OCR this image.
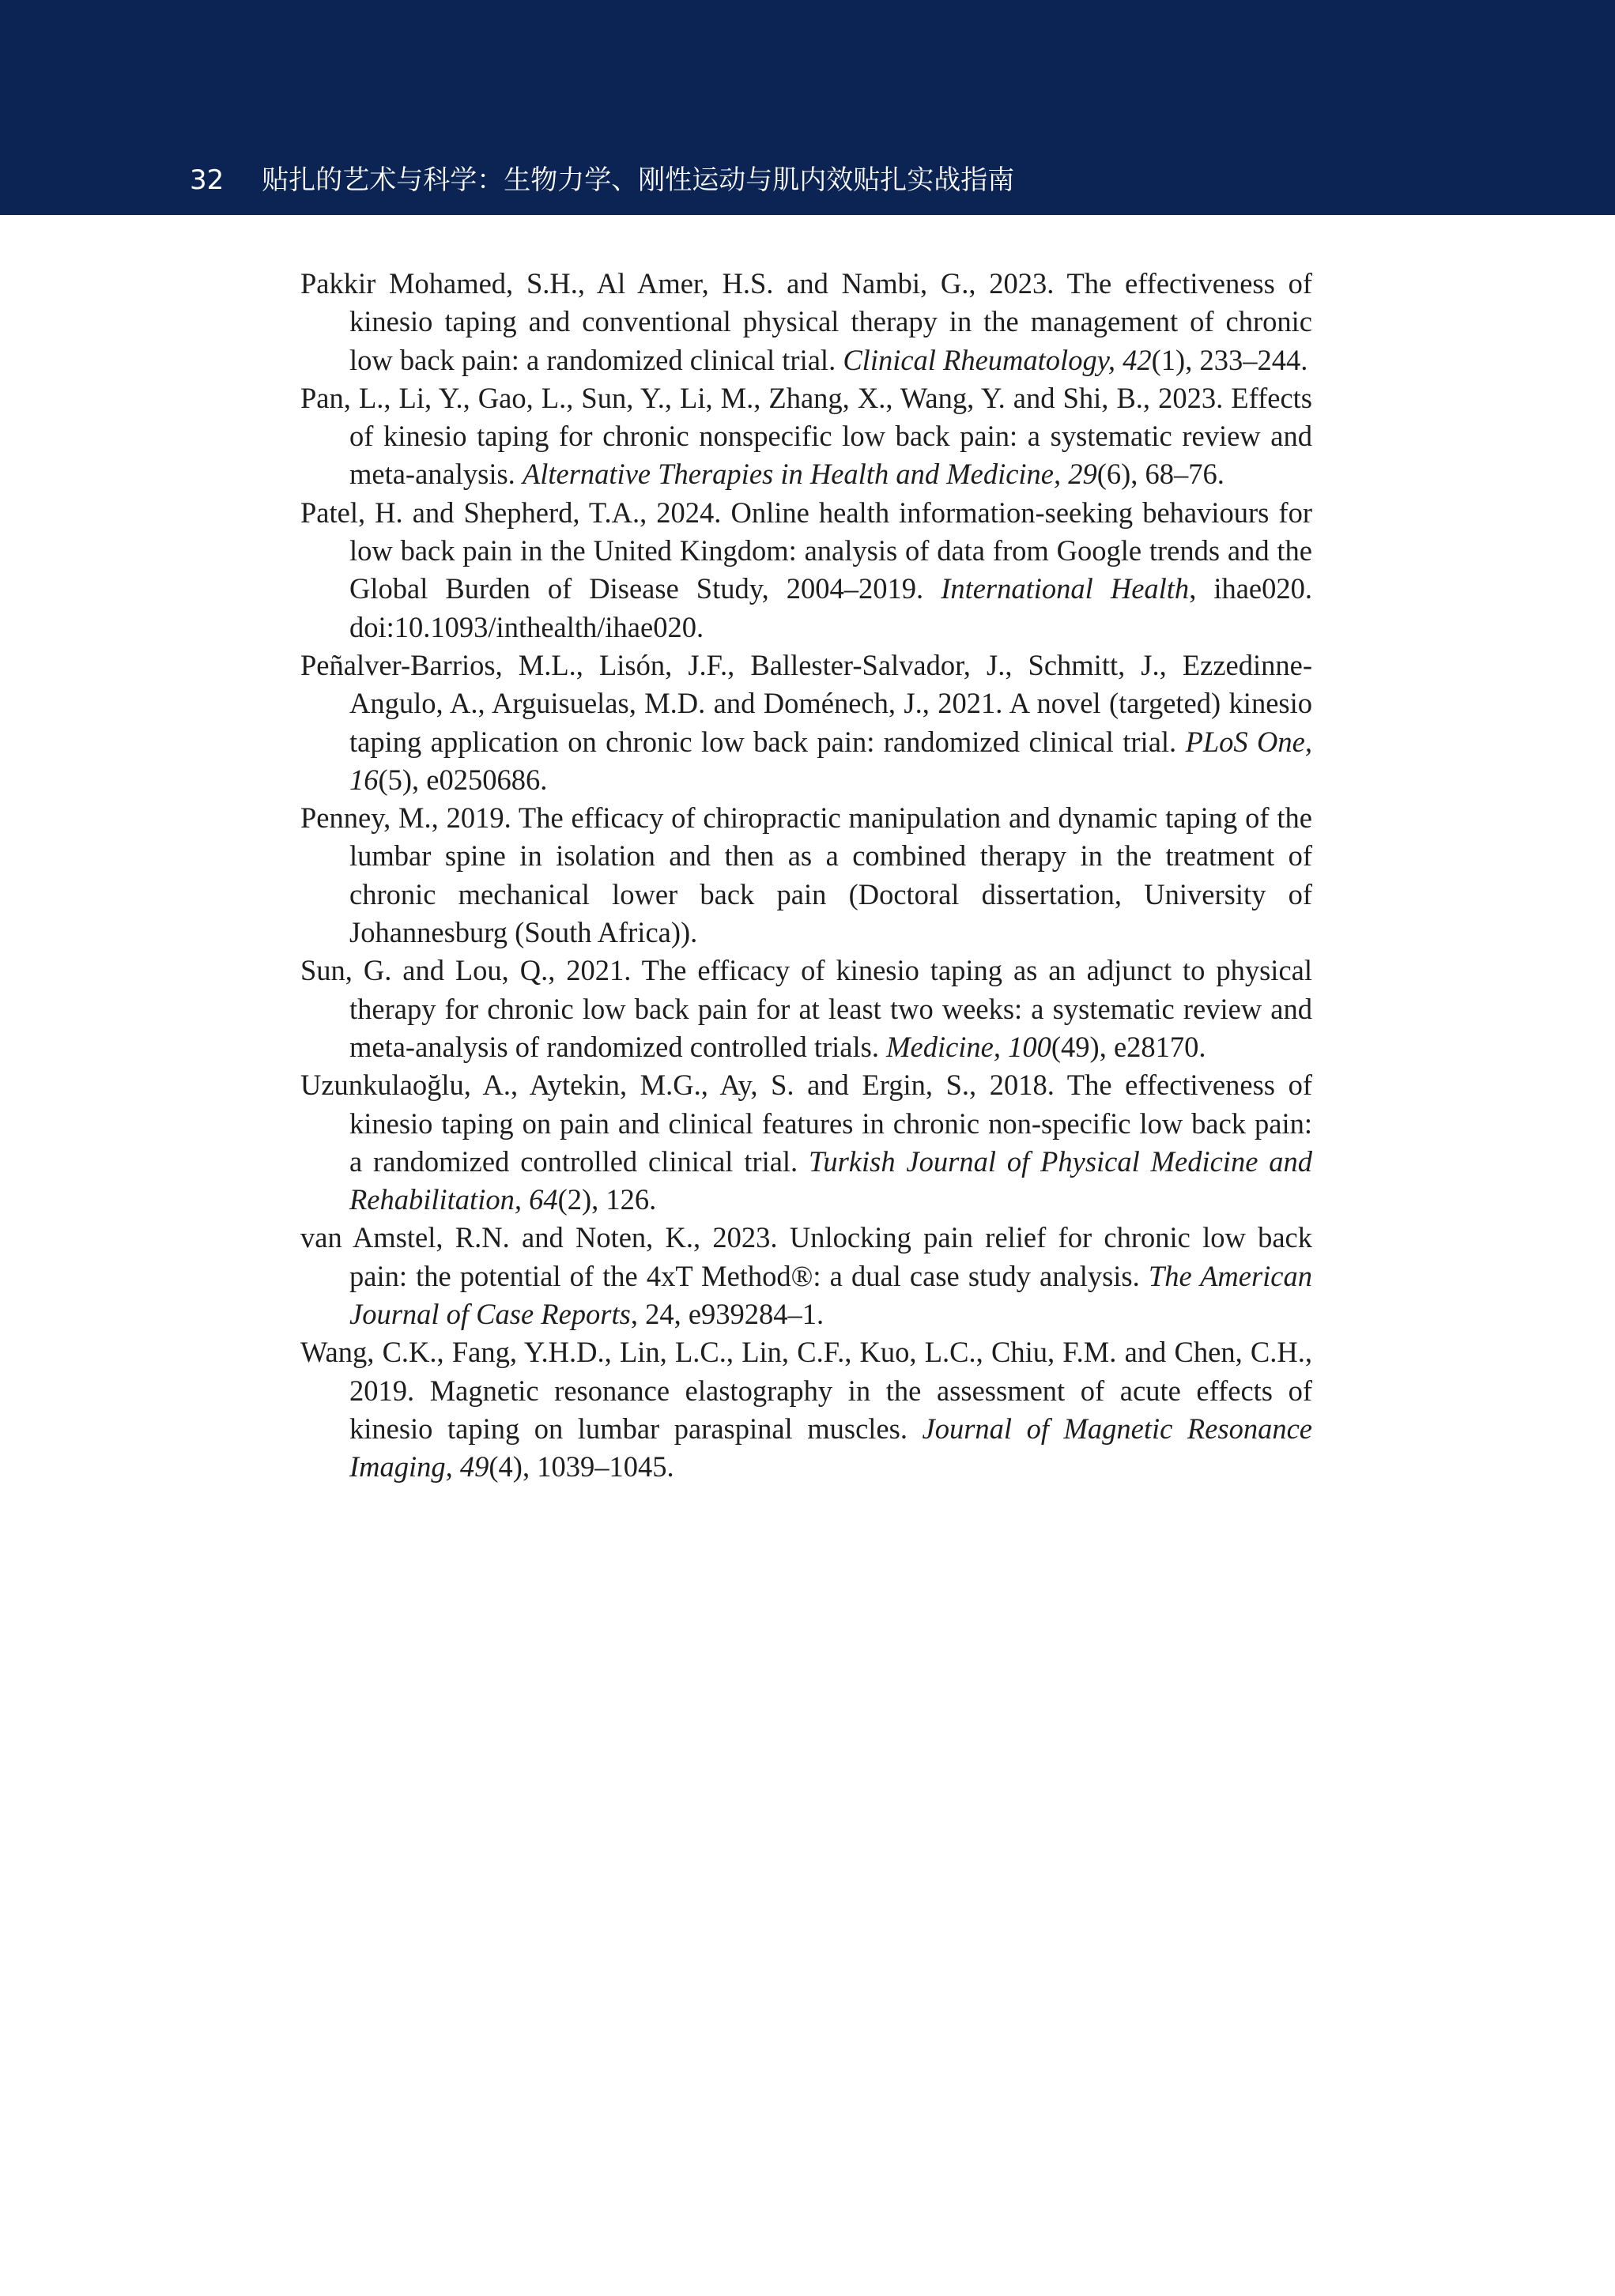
32 贴扎的艺术与科学：生物力学、刚性运动与肌内效贴扎实战指南
Pakkir Mohamed, S.H., Al Amer, H.S. and Nambi, G., 2023. The effectiveness of kinesio taping and conventional physical therapy in the management of chronic low back pain: a randomized clinical trial. Clinical Rheumatology, 42(1), 233–244.
Pan, L., Li, Y., Gao, L., Sun, Y., Li, M., Zhang, X., Wang, Y. and Shi, B., 2023. Effects of kinesio taping for chronic nonspecific low back pain: a systematic review and meta-analysis. Alternative Therapies in Health and Medicine, 29(6), 68–76.
Patel, H. and Shepherd, T.A., 2024. Online health information-seeking behaviours for low back pain in the United Kingdom: analysis of data from Google trends and the Global Burden of Disease Study, 2004–2019. International Health, ihae020. doi:10.1093/inthealth/ihae020.
Peñalver-Barrios, M.L., Lisón, J.F., Ballester-Salvador, J., Schmitt, J., Ezzedinne-Angulo, A., Arguisuelas, M.D. and Doménech, J., 2021. A novel (targeted) kinesio taping application on chronic low back pain: randomized clinical trial. PLoS One, 16(5), e0250686.
Penney, M., 2019. The efficacy of chiropractic manipulation and dynamic taping of the lumbar spine in isolation and then as a combined therapy in the treatment of chronic mechanical lower back pain (Doctoral dissertation, University of Johannesburg (South Africa)).
Sun, G. and Lou, Q., 2021. The efficacy of kinesio taping as an adjunct to physical therapy for chronic low back pain for at least two weeks: a systematic review and meta-analysis of randomized controlled trials. Medicine, 100(49), e28170.
Uzunkulaoğlu, A., Aytekin, M.G., Ay, S. and Ergin, S., 2018. The effectiveness of kinesio taping on pain and clinical features in chronic non-specific low back pain: a randomized controlled clinical trial. Turkish Journal of Physical Medicine and Rehabilitation, 64(2), 126.
van Amstel, R.N. and Noten, K., 2023. Unlocking pain relief for chronic low back pain: the potential of the 4xT Method®: a dual case study analysis. The American Journal of Case Reports, 24, e939284–1.
Wang, C.K., Fang, Y.H.D., Lin, L.C., Lin, C.F., Kuo, L.C., Chiu, F.M. and Chen, C.H., 2019. Magnetic resonance elastography in the assessment of acute effects of kinesio taping on lumbar paraspinal muscles. Journal of Magnetic Resonance Imaging, 49(4), 1039–1045.
